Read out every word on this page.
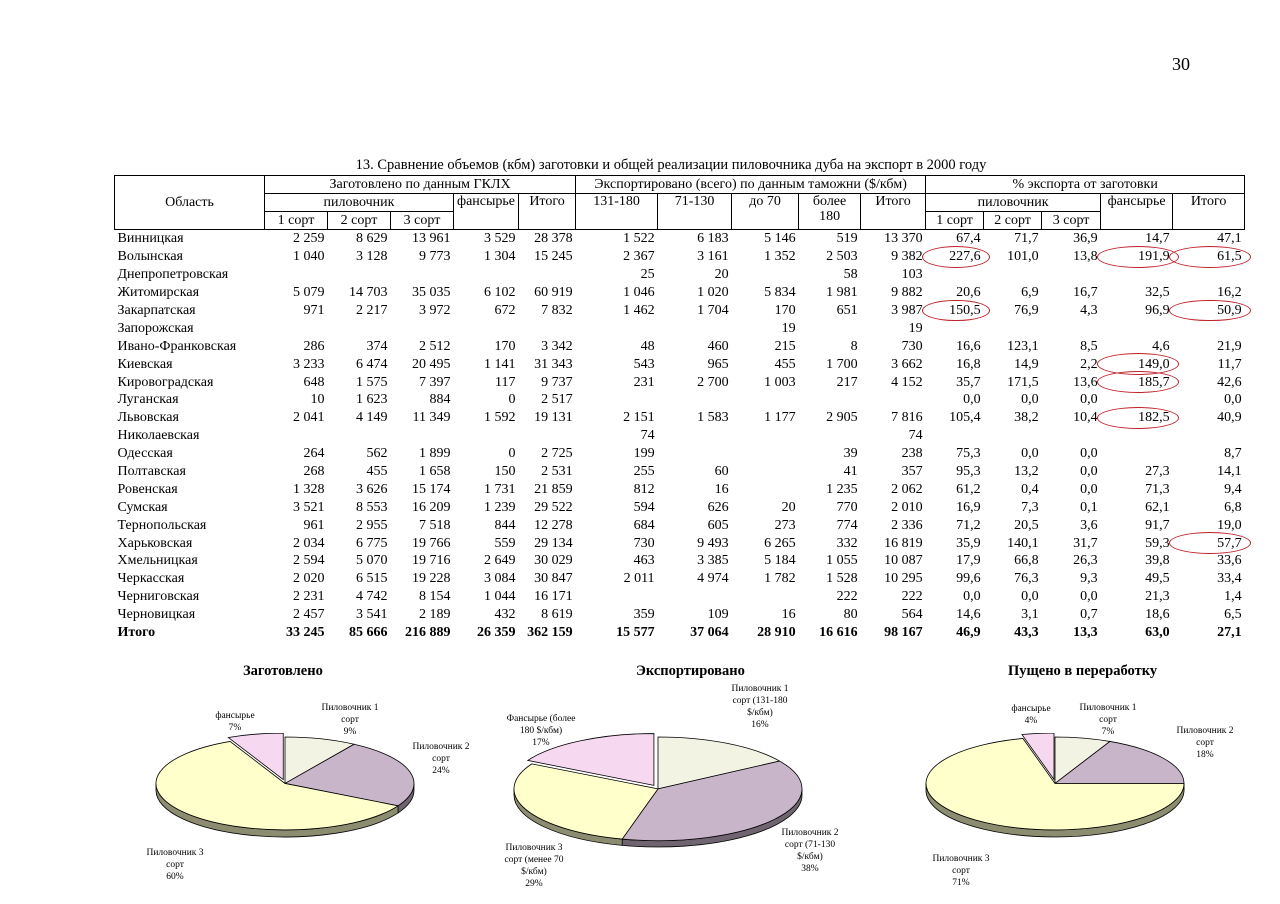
30
13. Сравнение объемов (кбм) заготовки и общей реализации пиловочника дуба на экспорт в 2000 году
Область	Заготовлено по данным ГКЛХ					Экспортировано (всего) по данным таможни ($/кбм)					% экспорта от заготовки				
	пиловочник			фансырье	Итого	131-180	71-130	до 70	более
180	Итого	пиловочник			фансырье	Итого
	1 сорт	2 сорт	3 сорт								1 сорт	2 сорт	3 сорт		
Винницкая	2 259	8 629	13 961	3 529	28 378	1 522	6 183	5 146	519	13 370	67,4	71,7	36,9	14,7	47,1
Волынская	1 040	3 128	9 773	1 304	15 245	2 367	3 161	1 352	2 503	9 382	227,6	101,0	13,8	191,9	61,5

Днепропетровская						25	20		58	103					
Житомирская	5 079	14 703	35 035	6 102	60 919	1 046	1 020	5 834	1 981	9 882	20,6	6,9	16,7	32,5	16,2
Закарпатская	971	2 217	3 972	672	7 832	1 462	1 704	170	651	3 987	150,5	76,9	4,3	96,9	50,9

Запорожская								19		19					
Ивано-Франковская	286	374	2 512	170	3 342	48	460	215	8	730	16,6	123,1	8,5	4,6	21,9
Киевская	3 233	6 474	20 495	1 141	31 343	543	965	455	1 700	3 662	16,8	14,9	2,2	149,0	11,7
Кировоградская	648	1 575	7 397	117	9 737	231	2 700	1 003	217	4 152	35,7	171,5	13,6	185,7	42,6
Луганская	10	1 623	884	0	2 517						0,0	0,0	0,0		0,0
Львовская	2 041	4 149	11 349	1 592	19 131	2 151	1 583	1 177	2 905	7 816	105,4	38,2	10,4	182,5	40,9
Николаевская						74				74					
Одесская	264	562	1 899	0	2 725	199			39	238	75,3	0,0	0,0		8,7
Полтавская	268	455	1 658	150	2 531	255	60		41	357	95,3	13,2	0,0	27,3	14,1
Ровенская	1 328	3 626	15 174	1 731	21 859	812	16		1 235	2 062	61,2	0,4	0,0	71,3	9,4
Сумская	3 521	8 553	16 209	1 239	29 522	594	626	20	770	2 010	16,9	7,3	0,1	62,1	6,8
Тернопольская	961	2 955	7 518	844	12 278	684	605	273	774	2 336	71,2	20,5	3,6	91,7	19,0
Харьковская	2 034	6 775	19 766	559	29 134	730	9 493	6 265	332	16 819	35,9	140,1	31,7	59,3	57,7

Хмельницкая	2 594	5 070	19 716	2 649	30 029	463	3 385	5 184	1 055	10 087	17,9	66,8	26,3	39,8	33,6
Черкасская	2 020	6 515	19 228	3 084	30 847	2 011	4 974	1 782	1 528	10 295	99,6	76,3	9,3	49,5	33,4
Черниговская	2 231	4 742	8 154	1 044	16 171				222	222	0,0	0,0	0,0	21,3	1,4
Черновицкая	2 457	3 541	2 189	432	8 619	359	109	16	80	564	14,6	3,1	0,7	18,6	6,5
Итого	33 245	85 666	216 889	26 359	362 159	15 577	37 064	28 910	16 616	98 167	46,9	43,3	13,3	63,0	27,1
Заготовлено	Экспортировано	Пущено в переработку
Пиловочник 1
сорт
9%
Пиловочник 2
сорт
24%
Пиловочник 3
сорт
60%
фансырье
7%
Пиловочник 1
сорт (131-180
$/кбм)
16%
Пиловочник 2
сорт (71-130
$/кбм)
38%
Пиловочник 3
сорт (менее 70
$/кбм)
29%
Фансырье (более
180 $/кбм)
17%
Пиловочник 1
сорт
7%	Пиловочник 2
сорт
18%
Пиловочник 3
сорт
71%
фансырье
4%
